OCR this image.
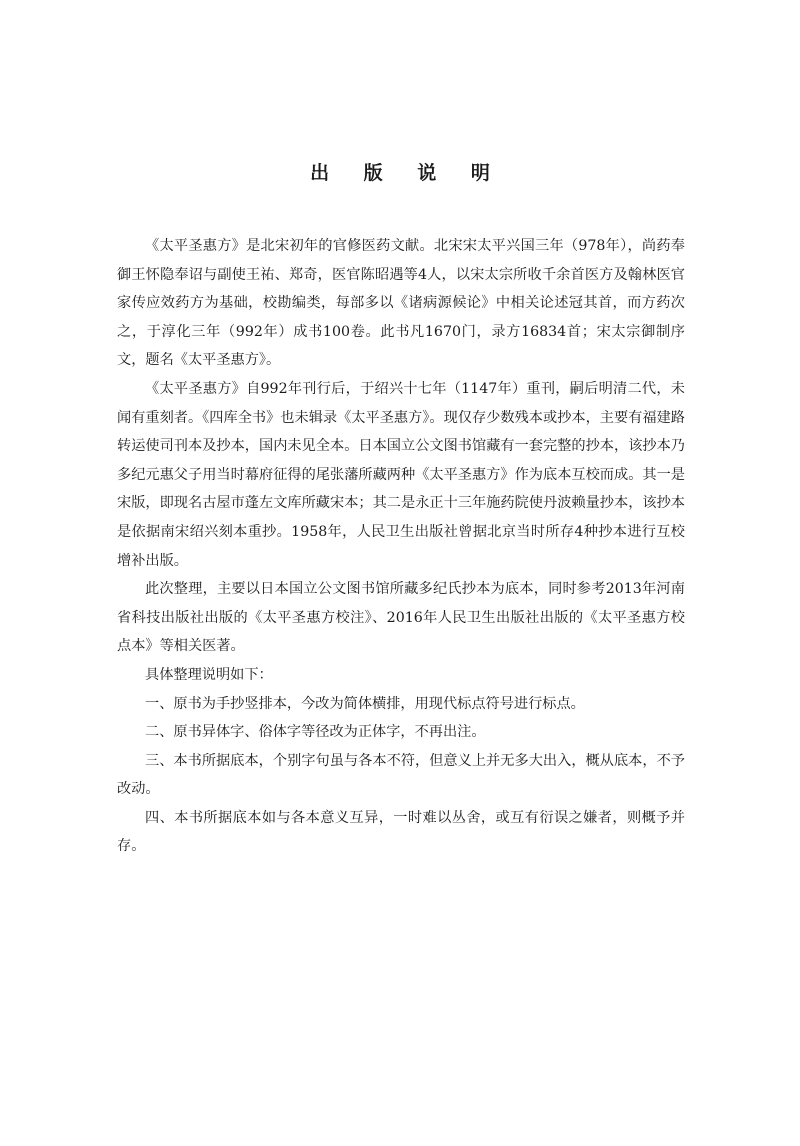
出 版 说 明

《太平圣惠方》是北宋初年的官修医药文献。北宋宋太平兴国三年（978年），尚药奉御王怀隐奉诏与副使王祐、郑奇，医官陈昭遇等4人，以宋太宗所收千余首医方及翰林医官家传应效药方为基础，校勘编类，每部多以《诸病源候论》中相关论述冠其首，而方药次之，于淳化三年（992年）成书100卷。此书凡1670门，录方16834首；宋太宗御制序文，题名《太平圣惠方》。

《太平圣惠方》自992年刊行后，于绍兴十七年（1147年）重刊，嗣后明清二代，未闻有重刻者。《四库全书》也未辑录《太平圣惠方》。现仅存少数残本或抄本，主要有福建路转运使司刊本及抄本，国内未见全本。日本国立公文图书馆藏有一套完整的抄本，该抄本乃多纪元惠父子用当时幕府征得的尾张藩所藏两种《太平圣惠方》作为底本互校而成。其一是宋版，即现名古屋市蓬左文库所藏宋本；其二是永正十三年施药院使丹波赖量抄本，该抄本是依据南宋绍兴刻本重抄。1958年，人民卫生出版社曾据北京当时所存4种抄本进行互校增补出版。

此次整理，主要以日本国立公文图书馆所藏多纪氏抄本为底本，同时参考2013年河南省科技出版社出版的《太平圣惠方校注》、2016年人民卫生出版社出版的《太平圣惠方校点本》等相关医著。

具体整理说明如下：

一、原书为手抄竖排本，今改为简体横排，用现代标点符号进行标点。

二、原书异体字、俗体字等径改为正体字，不再出注。

三、本书所据底本，个别字句虽与各本不符，但意义上并无多大出入，概从底本，不予改动。

四、本书所据底本如与各本意义互异，一时难以丛舍，或互有衍误之嫌者，则概予并存。
